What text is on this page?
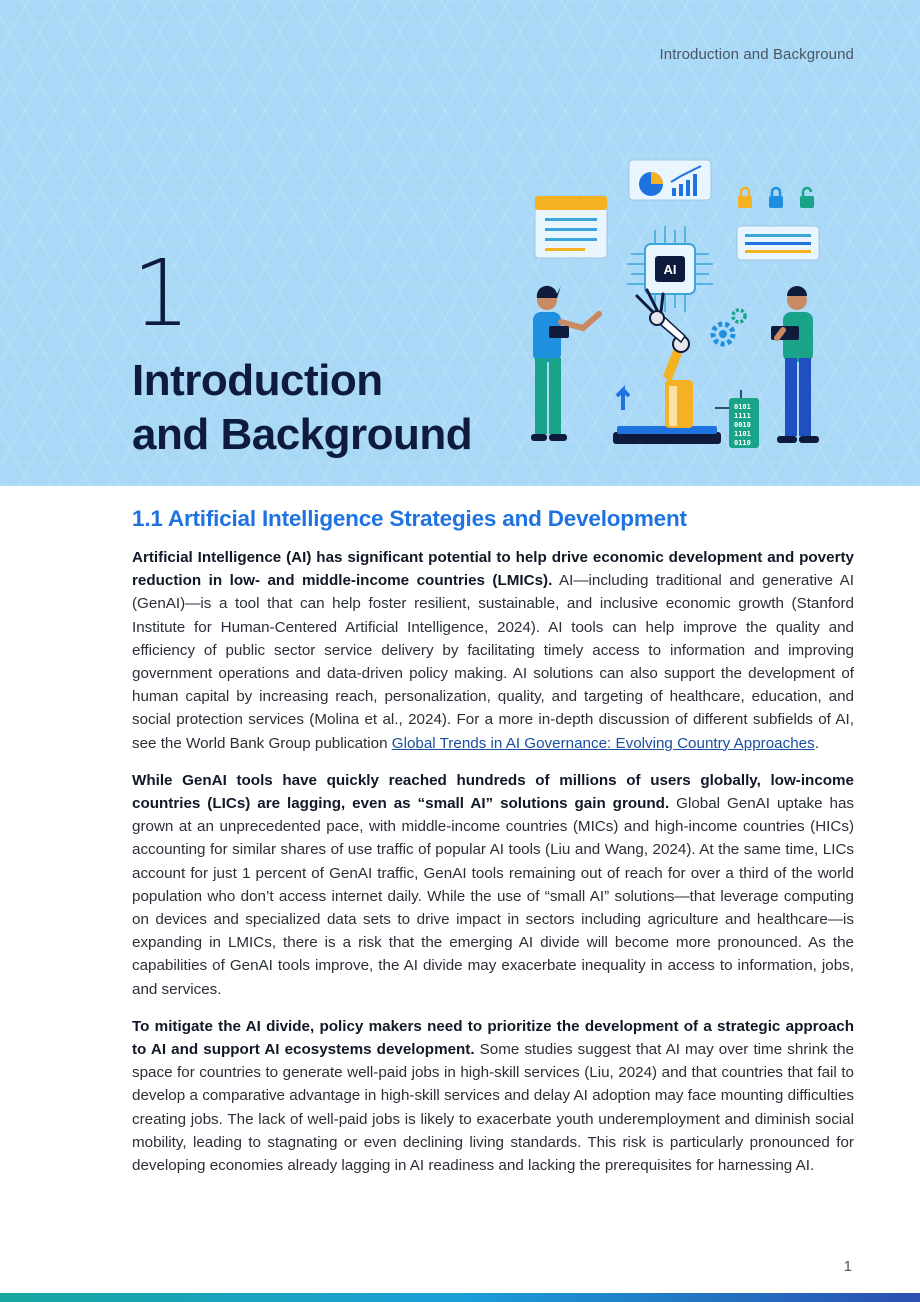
Introduction and Background
1
Introduction
and Background
AI
0101 1111 0010 1101 0110
1.1 Artificial Intelligence Strategies and Development

Artificial Intelligence (AI) has significant potential to help drive economic development and poverty reduction in low- and middle-income countries (LMICs). AI—including traditional and generative AI (GenAI)—is a tool that can help foster resilient, sustainable, and inclusive economic growth (Stanford Institute for Human-Centered Artificial Intelligence, 2024). AI tools can help improve the quality and efficiency of public sector service delivery by facilitating timely access to information and improving government operations and data-driven policy making. AI solutions can also support the development of human capital by increasing reach, personalization, quality, and targeting of healthcare, education, and social protection services (Molina et al., 2024). For a more in-depth discussion of different subfields of AI, see the World Bank Group publication Global Trends in AI Governance: Evolving Country Approaches.

While GenAI tools have quickly reached hundreds of millions of users globally, low-income countries (LICs) are lagging, even as “small AI” solutions gain ground. Global GenAI uptake has grown at an unprecedented pace, with middle-income countries (MICs) and high-income countries (HICs) accounting for similar shares of use traffic of popular AI tools (Liu and Wang, 2024). At the same time, LICs account for just 1 percent of GenAI traffic, GenAI tools remaining out of reach for over a third of the world population who don’t access internet daily. While the use of “small AI” solutions—that leverage computing on devices and specialized data sets to drive impact in sectors including agriculture and healthcare—is expanding in LMICs, there is a risk that the emerging AI divide will become more pronounced. As the capabilities of GenAI tools improve, the AI divide may exacerbate inequality in access to information, jobs, and services.

To mitigate the AI divide, policy makers need to prioritize the development of a strategic approach to AI and support AI ecosystems development. Some studies suggest that AI may over time shrink the space for countries to generate well-paid jobs in high-skill services (Liu, 2024) and that countries that fail to develop a comparative advantage in high-skill services and delay AI adoption may face mounting difficulties creating jobs. The lack of well-paid jobs is likely to exacerbate youth underemployment and diminish social mobility, leading to stagnating or even declining living standards. This risk is particularly pronounced for developing economies already lagging in AI readiness and lacking the prerequisites for harnessing AI.

1
